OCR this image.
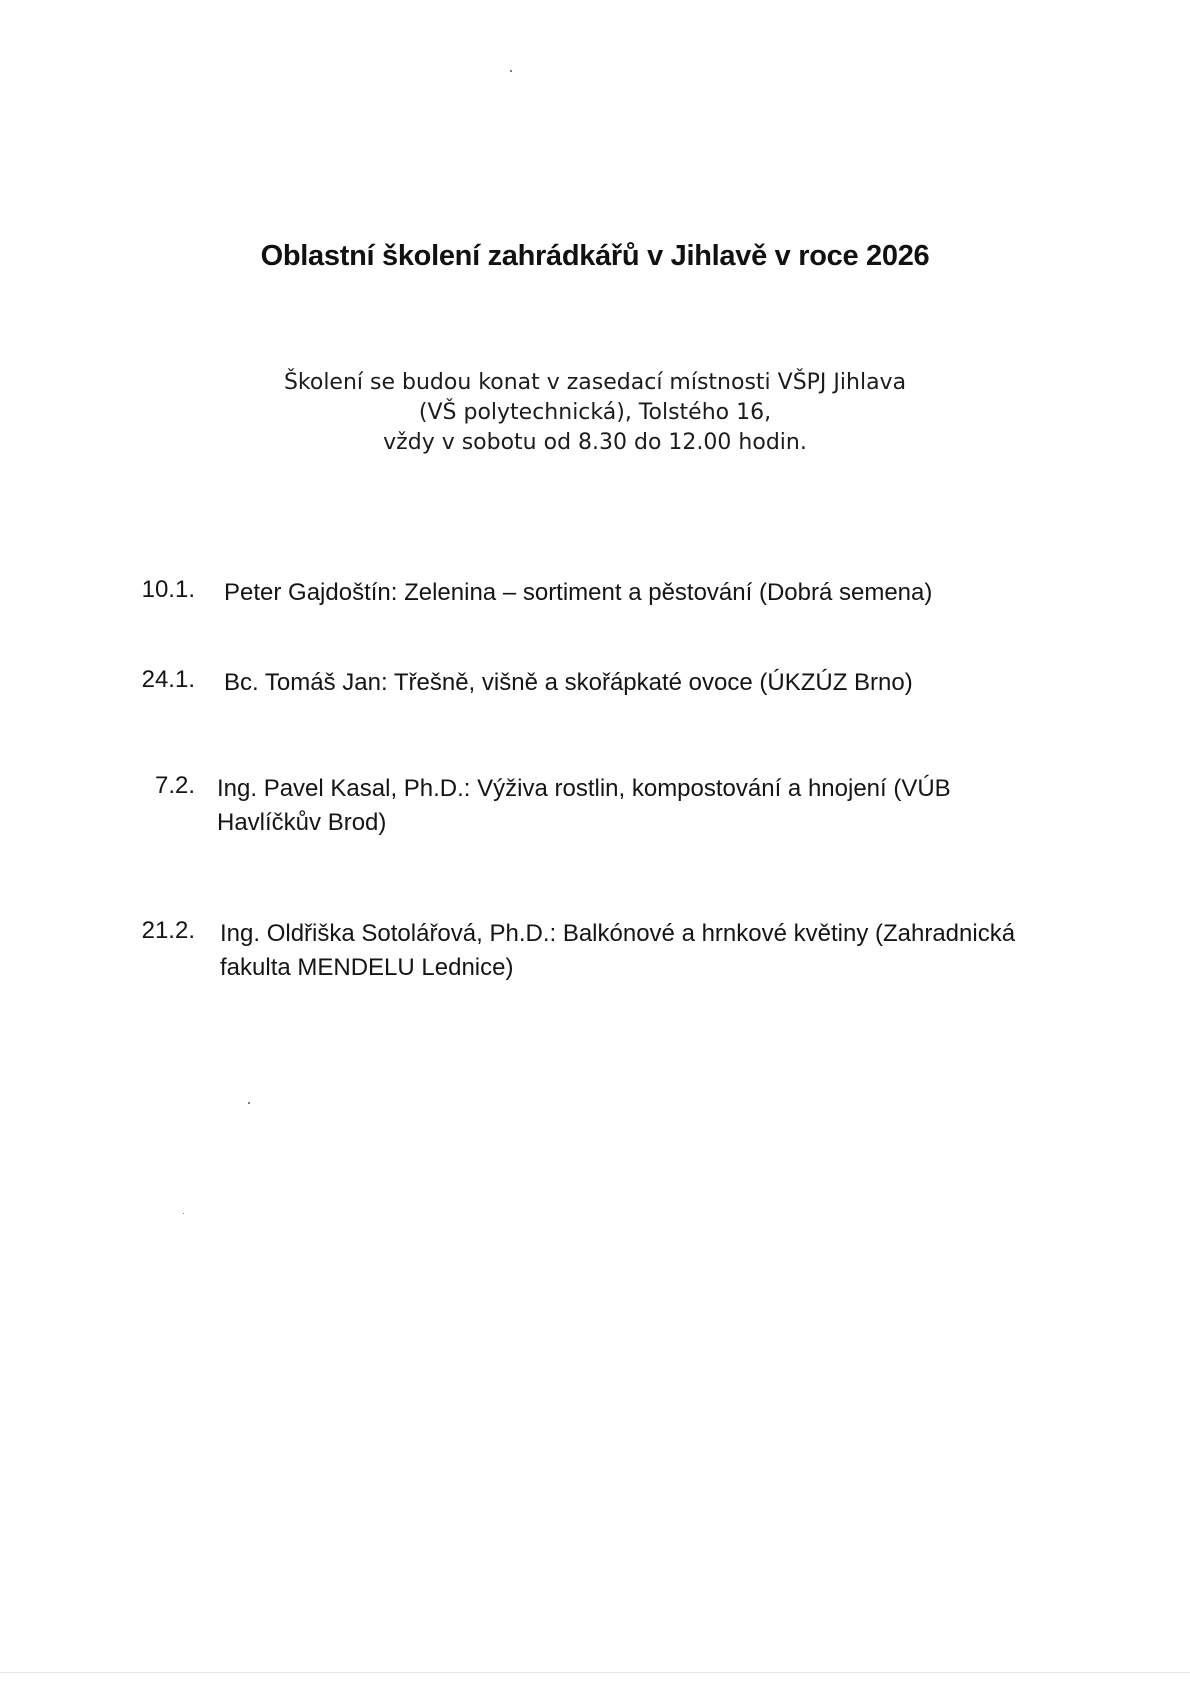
Oblastní školení zahrádkářů v Jihlavě v roce 2026
Školení se budou konat v zasedací místnosti VŠPJ Jihlava
(VŠ polytechnická), Tolstého 16,
vždy v sobotu od 8.30 do 12.00 hodin.
10.1. Peter Gajdoštín: Zelenina – sortiment a pěstování (Dobrá semena)
24.1. Bc. Tomáš Jan: Třešně, višně a skořápkaté ovoce (ÚKZÚZ Brno)
7.2. Ing. Pavel Kasal, Ph.D.: Výživa rostlin, kompostování a hnojení (VÚB Havlíčkův Brod)
21.2. Ing. Oldřiška Sotolářová, Ph.D.: Balkónové a hrnkové květiny (Zahradnická fakulta MENDELU Lednice)
